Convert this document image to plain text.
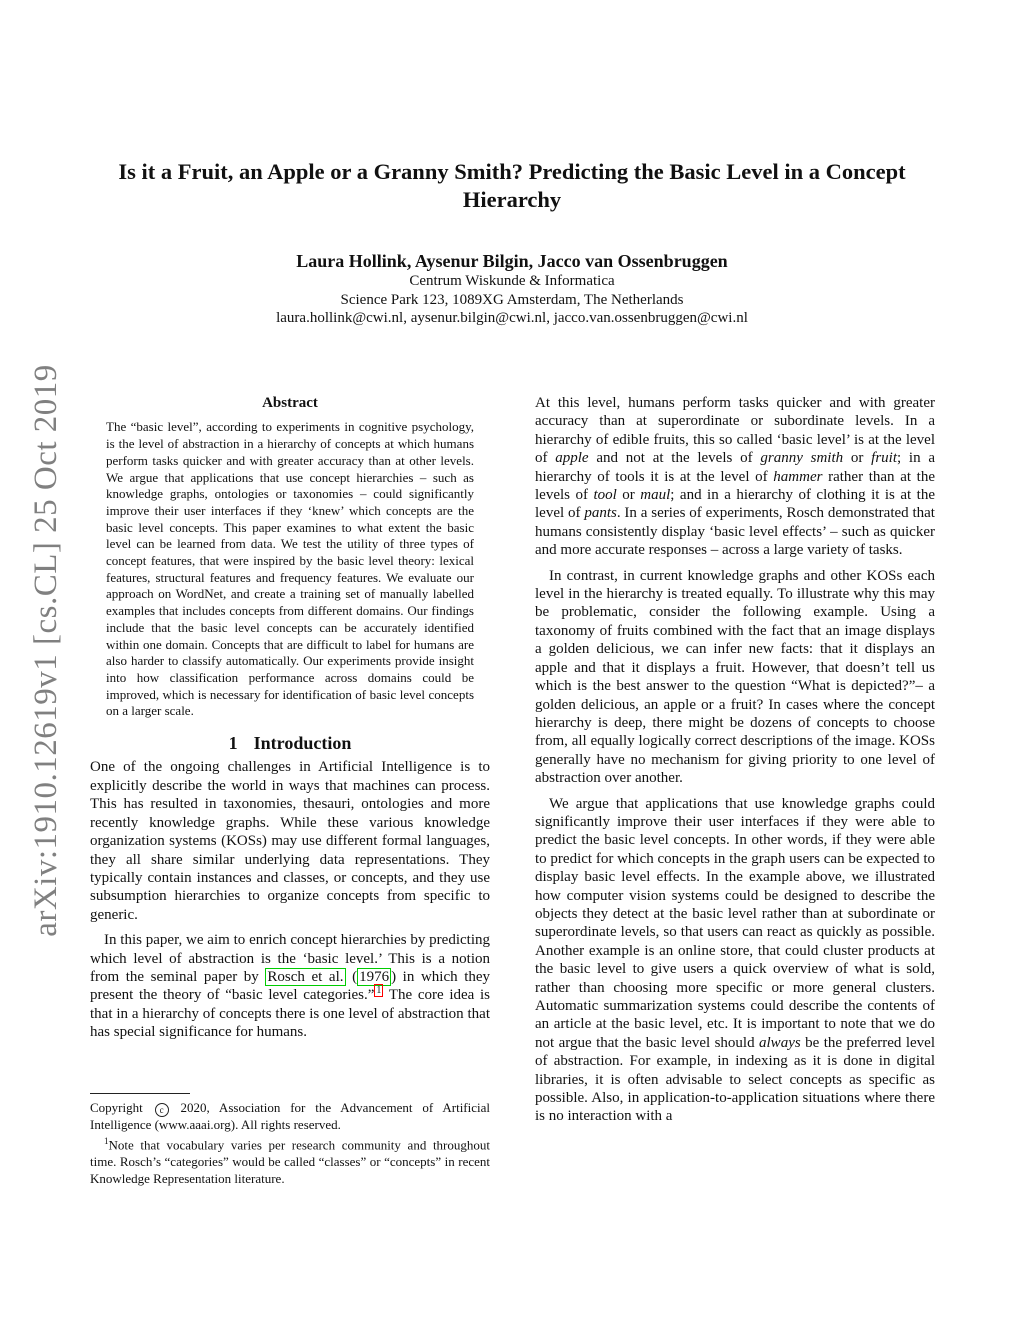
arXiv:1910.12619v1 [cs.CL] 25 Oct 2019
Is it a Fruit, an Apple or a Granny Smith? Predicting the Basic Level in a Concept Hierarchy
Laura Hollink, Aysenur Bilgin, Jacco van Ossenbruggen
Centrum Wiskunde & Informatica
Science Park 123, 1089XG Amsterdam, The Netherlands
laura.hollink@cwi.nl, aysenur.bilgin@cwi.nl, jacco.van.ossenbruggen@cwi.nl
Abstract

The “basic level”, according to experiments in cognitive psychology, is the level of abstraction in a hierarchy of concepts at which humans perform tasks quicker and with greater accuracy than at other levels. We argue that applications that use concept hierarchies – such as knowledge graphs, ontologies or taxonomies – could significantly improve their user interfaces if they ‘knew’ which concepts are the basic level concepts. This paper examines to what extent the basic level can be learned from data. We test the utility of three types of concept features, that were inspired by the basic level theory: lexical features, structural features and frequency features. We evaluate our approach on WordNet, and create a training set of manually labelled examples that includes concepts from different domains. Our findings include that the basic level concepts can be accurately identified within one domain. Concepts that are difficult to label for humans are also harder to classify automatically. Our experiments provide insight into how classification performance across domains could be improved, which is necessary for identification of basic level concepts on a larger scale.

1 Introduction

One of the ongoing challenges in Artificial Intelligence is to explicitly describe the world in ways that machines can process. This has resulted in taxonomies, thesauri, ontologies and more recently knowledge graphs. While these various knowledge organization systems (KOSs) may use different formal languages, they all share similar underlying data representations. They typically contain instances and classes, or concepts, and they use subsumption hierarchies to organize concepts from specific to generic.

In this paper, we aim to enrich concept hierarchies by predicting which level of abstraction is the ‘basic level.’ This is a notion from the seminal paper by Rosch et al. ( 1976 ) in which they present the theory of “basic level categories.” $^1$ The core idea is that in a hierarchy of concepts there is one level of abstraction that has special significance for humans.

Copyright c 2020, Association for the Advancement of Artificial Intelligence (www.aaai.org). All rights reserved.

$^1$Note that vocabulary varies per research community and throughout time. Rosch’s “categories” would be called “classes” or “concepts” in recent Knowledge Representation literature.

At this level, humans perform tasks quicker and with greater accuracy than at superordinate or subordinate levels. In a hierarchy of edible fruits, this so called ‘basic level’ is at the level of apple and not at the levels of granny smith or fruit; in a hierarchy of tools it is at the level of hammer rather than at the levels of tool or maul; and in a hierarchy of clothing it is at the level of pants. In a series of experiments, Rosch demonstrated that humans consistently display ‘basic level effects’ – such as quicker and more accurate responses – across a large variety of tasks.

In contrast, in current knowledge graphs and other KOSs each level in the hierarchy is treated equally. To illustrate why this may be problematic, consider the following example. Using a taxonomy of fruits combined with the fact that an image displays a golden delicious, we can infer new facts: that it displays an apple and that it displays a fruit. However, that doesn’t tell us which is the best answer to the question “What is depicted?”– a golden delicious, an apple or a fruit? In cases where the concept hierarchy is deep, there might be dozens of concepts to choose from, all equally logically correct descriptions of the image. KOSs generally have no mechanism for giving priority to one level of abstraction over another.

We argue that applications that use knowledge graphs could significantly improve their user interfaces if they were able to predict the basic level concepts. In other words, if they were able to predict for which concepts in the graph users can be expected to display basic level effects. In the example above, we illustrated how computer vision systems could be designed to describe the objects they detect at the basic level rather than at subordinate or superordinate levels, so that users can react as quickly as possible. Another example is an online store, that could cluster products at the basic level to give users a quick overview of what is sold, rather than choosing more specific or more general clusters. Automatic summarization systems could describe the contents of an article at the basic level, etc. It is important to note that we do not argue that the basic level should always be the preferred level of abstraction. For example, in indexing as it is done in digital libraries, it is often advisable to select concepts as specific as possible. Also, in application-to-application situations where there is no interaction with a
